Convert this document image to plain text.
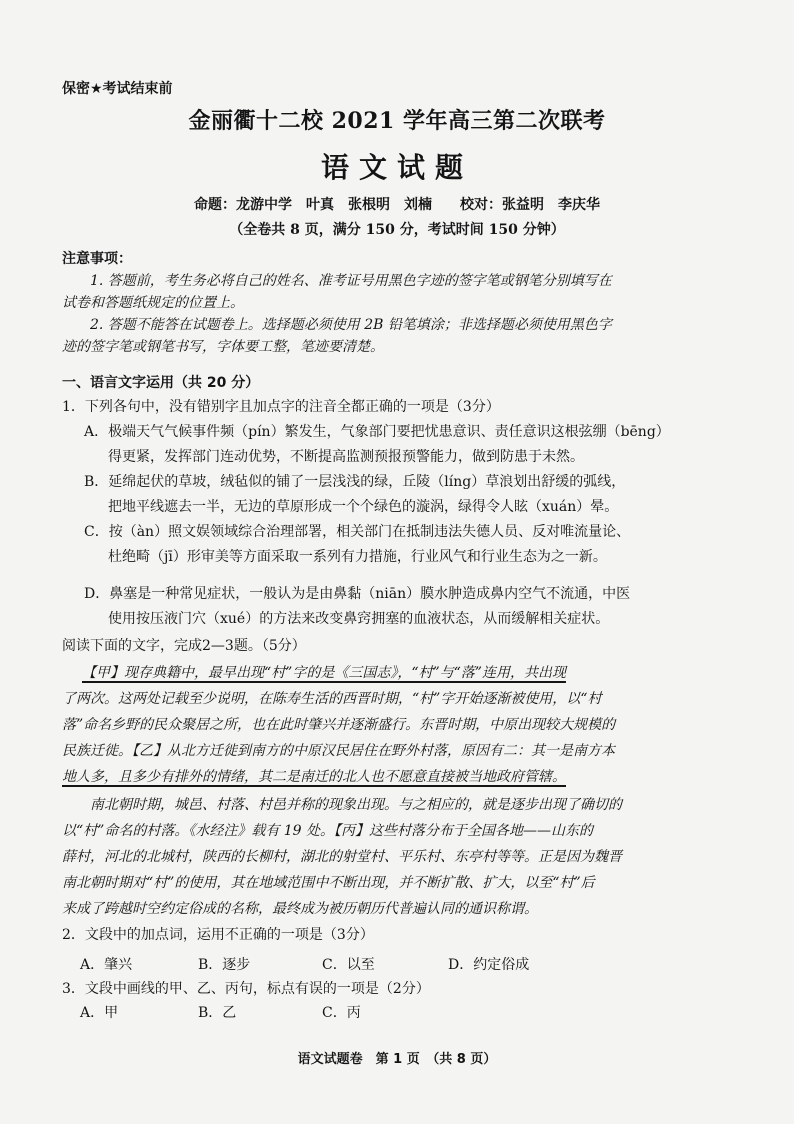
保密★考试结束前
金丽衢十二校 2021 学年高三第二次联考
语文试题
命题：龙游中学　叶真　张根明　刘楠　　校对：张益明　李庆华
（全卷共 8 页，满分 150 分，考试时间 150 分钟）
注意事项：
1. 答题前，考生务必将自己的姓名、准考证号用黑色字迹的签字笔或钢笔分别填写在
试卷和答题纸规定的位置上。
2. 答题不能答在试题卷上。选择题必须使用 2B 铅笔填涂；非选择题必须使用黑色字
迹的签字笔或钢笔书写，字体要工整，笔迹要清楚。
一、语言文字运用（共 20 分）
1．下列各句中，没有错别字且加点字的注音全都正确的一项是（3分）
A．极端天气气候事件频（pín）繁发生，气象部门要把忧患意识、责任意识这根弦绷（bēng）
得更紧，发挥部门连动优势，不断提高监测预报预警能力，做到防患于未然。
B．延绵起伏的草坡，绒毡似的铺了一层浅浅的绿，丘陵（líng）草浪划出舒缓的弧线，
把地平线遮去一半，无边的草原形成一个个绿色的漩涡，绿得令人眩（xuán）晕。
C．按（àn）照文娱领域综合治理部署，相关部门在抵制违法失德人员、反对唯流量论、
杜绝畸（jī）形审美等方面采取一系列有力措施，行业风气和行业生态为之一新。
D．鼻塞是一种常见症状，一般认为是由鼻黏（niān）膜水肿造成鼻内空气不流通，中医
使用按压液门穴（xué）的方法来改变鼻窍拥塞的血液状态，从而缓解相关症状。
阅读下面的文字，完成2—3题。（5分）
【甲】现存典籍中，最早出现“村”字的是《三国志》，“村”与“落”连用，共出现
了两次。这两处记载至少说明，在陈寿生活的西晋时期，“村”字开始逐渐被使用，以“村
落”命名乡野的民众聚居之所，也在此时肇兴并逐渐盛行。东晋时期，中原出现较大规模的
民族迁徙。【乙】从北方迁徙到南方的中原汉民居住在野外村落，原因有二：其一是南方本
地人多，且多少有排外的情绪，其二是南迁的北人也不愿意直接被当地政府管辖。
南北朝时期，城邑、村落、村邑并称的现象出现。与之相应的，就是逐步出现了确切的
以“村”命名的村落。《水经注》载有 19 处。【丙】这些村落分布于全国各地——山东的
薛村，河北的北城村，陕西的长柳村，湖北的射堂村、平乐村、东亭村等等。正是因为魏晋
南北朝时期对“村”的使用，其在地域范围中不断出现，并不断扩散、扩大，以至“村”后
来成了跨越时空约定俗成的名称，最终成为被历朝历代普遍认同的通识称谓。
2．文段中的加点词，运用不正确的一项是（3分）
A．肇兴	B．逐步	C．以至	D．约定俗成
3．文段中画线的甲、乙、丙句，标点有误的一项是（2分）
A．甲	B．乙	C．丙
语文试题卷　第 1 页　（共 8 页）
